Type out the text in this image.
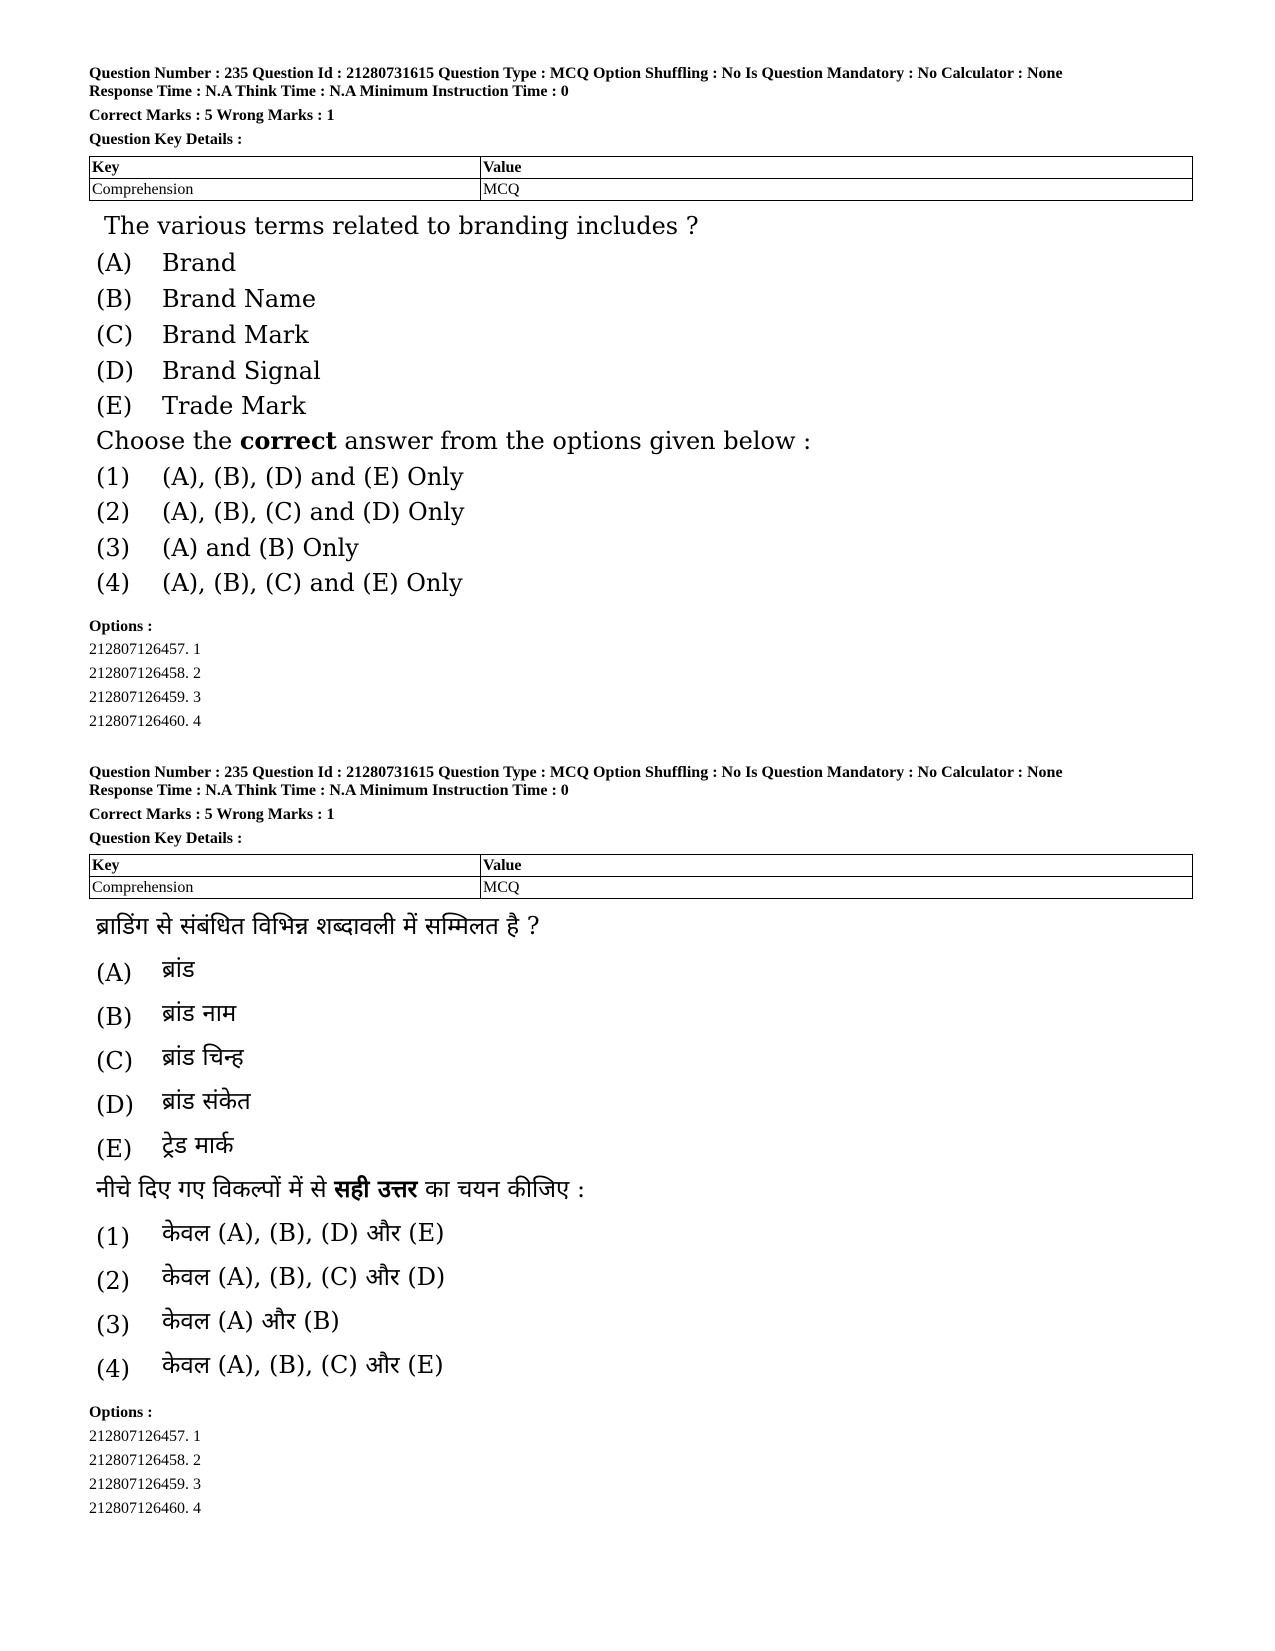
Question Number : 235 Question Id : 21280731615 Question Type : MCQ Option Shuffling : No Is Question Mandatory : No Calculator : None
Response Time : N.A Think Time : N.A Minimum Instruction Time : 0
Correct Marks : 5 Wrong Marks : 1
Question Key Details :
Key	Value
Comprehension	MCQ
The various terms related to branding includes ?
(A) Brand
(B) Brand Name
(C) Brand Mark
(D) Brand Signal
(E) Trade Mark
Choose the correct answer from the options given below :
(1) (A), (B), (D) and (E) Only
(2) (A), (B), (C) and (D) Only
(3) (A) and (B) Only
(4) (A), (B), (C) and (E) Only
Options :
212807126457. 1
212807126458. 2
212807126459. 3
212807126460. 4
Question Number : 235 Question Id : 21280731615 Question Type : MCQ Option Shuffling : No Is Question Mandatory : No Calculator : None
Response Time : N.A Think Time : N.A Minimum Instruction Time : 0
Correct Marks : 5 Wrong Marks : 1
Question Key Details :
Key	Value
Comprehension	MCQ
ब्राडिंग से संबंधित विभिन्न शब्दावली में सम्मिलत है ?
(A) ब्रांड
(B) ब्रांड नाम
(C) ब्रांड चिन्ह
(D) ब्रांड संकेत
(E) ट्रेड मार्क
नीचे दिए गए विकल्पों में से सही उत्तर का चयन कीजिए :
(1) केवल (A), (B), (D) और (E)
(2) केवल (A), (B), (C) और (D)
(3) केवल (A) और (B)
(4) केवल (A), (B), (C) और (E)
Options :
212807126457. 1
212807126458. 2
212807126459. 3
212807126460. 4
